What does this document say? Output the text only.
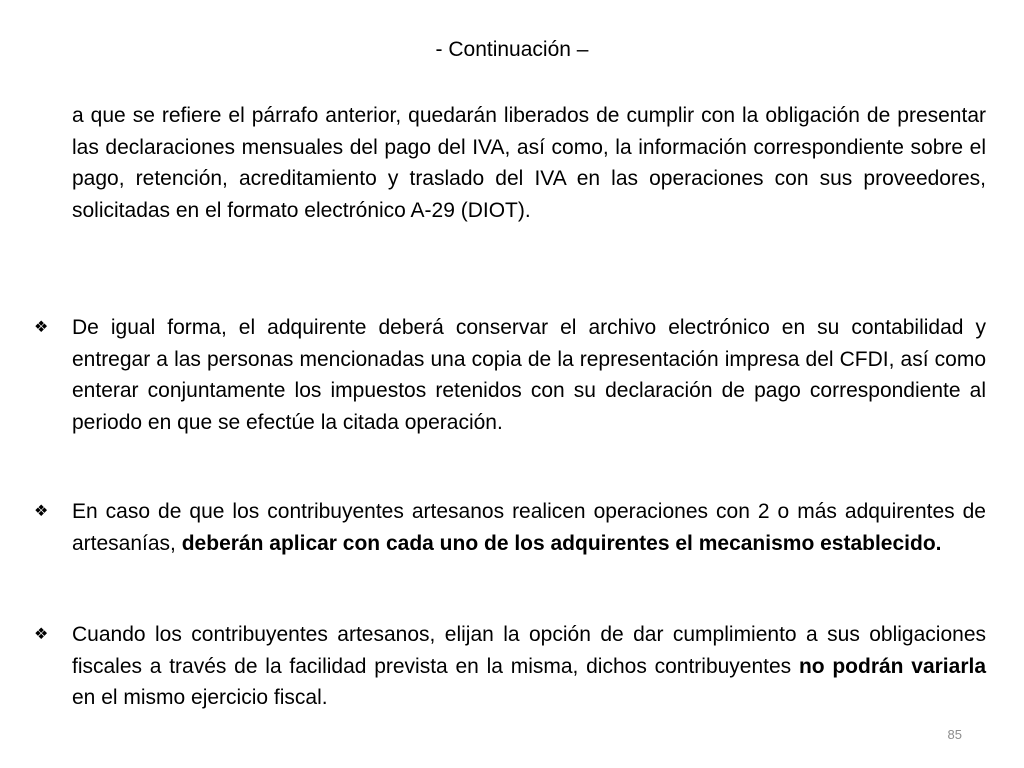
- Continuación –
a que se refiere el párrafo anterior, quedarán liberados de cumplir con la obligación de presentar las declaraciones mensuales del pago del IVA, así como, la información correspondiente sobre el pago, retención, acreditamiento y traslado del IVA en las operaciones con sus proveedores, solicitadas en el formato electrónico A-29 (DIOT).
❖	De igual forma, el adquirente deberá conservar el archivo electrónico en su contabilidad y entregar a las personas mencionadas una copia de la representación impresa del CFDI, así como enterar conjuntamente los impuestos retenidos con su declaración de pago correspondiente al periodo en que se efectúe la citada operación.
❖	En caso de que los contribuyentes artesanos realicen operaciones con 2 o más adquirentes de artesanías, deberán aplicar con cada uno de los adquirentes el mecanismo establecido.
❖	Cuando los contribuyentes artesanos, elijan la opción de dar cumplimiento a sus obligaciones fiscales a través de la facilidad prevista en la misma, dichos contribuyentes no podrán variarla en el mismo ejercicio fiscal.
85
